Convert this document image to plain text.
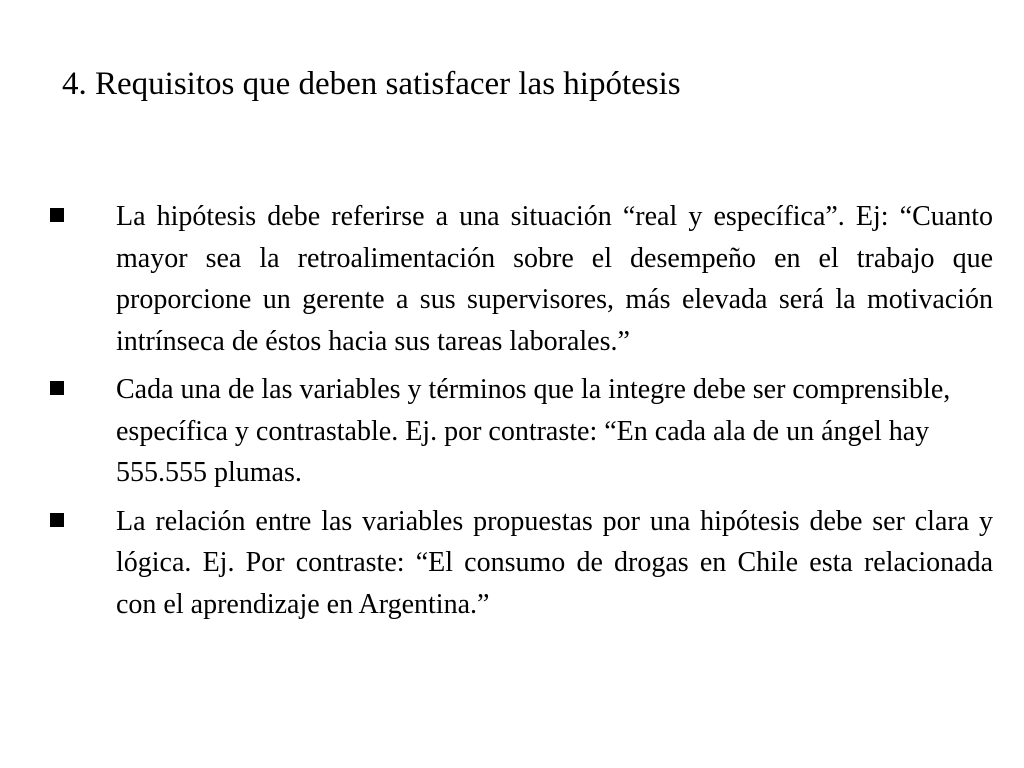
4. Requisitos que deben satisfacer las hipótesis
La hipótesis debe referirse a una situación “real y específica”. Ej: “Cuanto mayor sea la retroalimentación sobre el desempeño en el trabajo que proporcione un gerente a sus supervisores, más elevada será la motivación intrínseca de éstos hacia sus tareas laborales.”
Cada una de las variables y términos que la integre debe ser comprensible, específica y contrastable. Ej. por contraste: “En cada ala de un ángel hay 555.555 plumas.
La relación entre las variables propuestas por una hipótesis debe ser clara y lógica. Ej. Por contraste: “El consumo de drogas en Chile esta relacionada con el aprendizaje en Argentina.”
